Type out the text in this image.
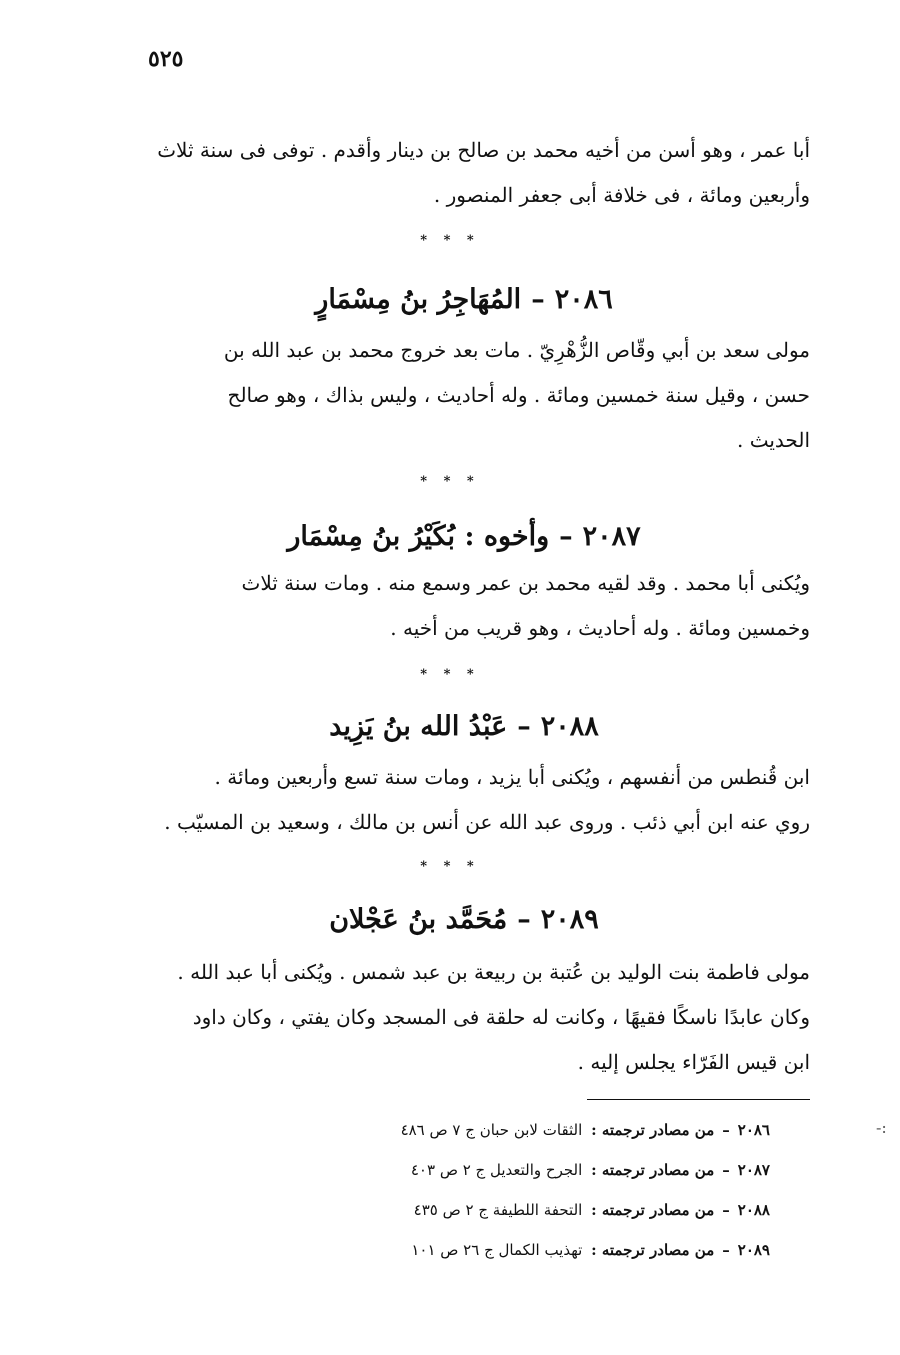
٥٢٥

أبا عمر ، وهو أسن من أخيه محمد بن صالح بن دينار وأقدم . توفى فى سنة ثلاث

وأربعين ومائة ، فى خلافة أبى جعفر المنصور .

* * *
٢٠٨٦–المُهَاجِرُ بنُ مِسْمَارٍ

مولى سعد بن أبي وقّاص الزُّهْرِيّ . مات بعد خروج محمد بن عبد الله بن

حسن ، وقيل سنة خمسين ومائة . وله أحاديث ، وليس بذاك ، وهو صالح

الحديث .

* * *
٢٠٨٧–وأخوه : بُكَيْرُ بنُ مِسْمَار

ويُكنى أبا محمد . وقد لقيه محمد بن عمر وسمع منه . ومات سنة ثلاث

وخمسين ومائة . وله أحاديث ، وهو قريب من أخيه .

* * *
٢٠٨٨–عَبْدُ الله بنُ يَزِيد

ابن قُنطس من أنفسهم ، ويُكنى أبا يزيد ، ومات سنة تسع وأربعين ومائة .

روي عنه ابن أبي ذئب . وروى عبد الله عن أنس بن مالك ، وسعيد بن المسيّب .

* * *
٢٠٨٩–مُحَمَّد بنُ عَجْلان

مولى فاطمة بنت الوليد بن عُتبة بن ربيعة بن عبد شمس . ويُكنى أبا عبد الله .

وكان عابدًا ناسكًا فقيهًا ، وكانت له حلقة فى المسجد وكان يفتي ، وكان داود

ابن قيس الفَرّاء يجلس إليه .

٢٠٨٦–من مصادر ترجمته : الثقات لابن حبان ج ٧ ص ٤٨٦
٢٠٨٧–من مصادر ترجمته : الجرح والتعديل ج ٢ ص ٤٠٣
٢٠٨٨–من مصادر ترجمته : التحفة اللطيفة ج ٢ ص ٤٣٥
٢٠٨٩–من مصادر ترجمته : تهذيب الكمال ج ٢٦ ص ١٠١
-:
